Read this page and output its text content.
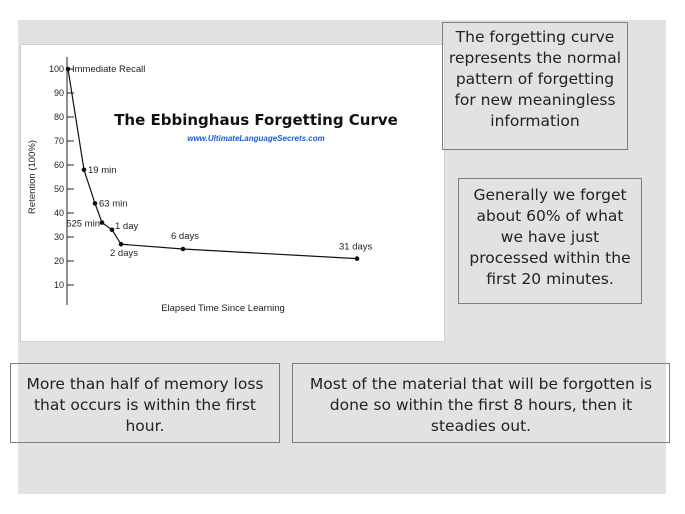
10
20
30
40
50
60
70
80
90
100
Retention (100%)
Elapsed Time Since Learning
The Ebbinghaus Forgetting Curve
www.UltimateLanguageSecrets.com
Immediate Recall
19 min
63 min
525 min 1 day
2 days
6 days
31 days
The forgetting curve represents the normal pattern of forgetting for new meaningless information
Generally we forget about 60% of what we have just processed within the first 20 minutes.
More than half of memory loss that occurs is within the first hour.
Most of the material that will be forgotten is done so within the first 8 hours, then it steadies out.
